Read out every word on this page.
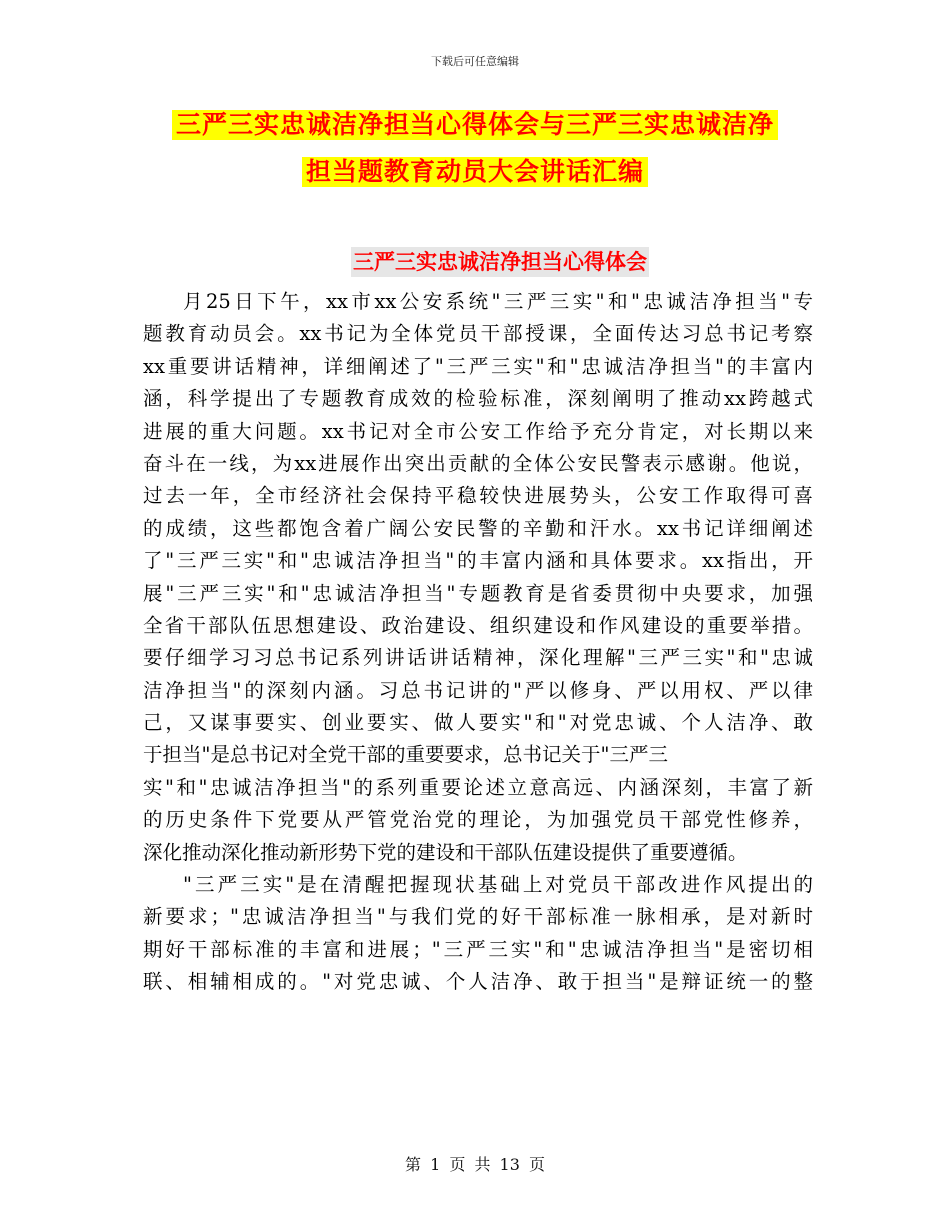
下载后可任意编辑
三严三实忠诚洁净担当心得体会与三严三实忠诚洁净
担当题教育动员大会讲话汇编
三严三实忠诚洁净担当心得体会
月25日下午，xx市xx公安系统"三严三实"和"忠诚洁净担当"专
题教育动员会。xx书记为全体党员干部授课，全面传达习总书记考察
xx重要讲话精神，详细阐述了"三严三实"和"忠诚洁净担当"的丰富内
涵，科学提出了专题教育成效的检验标准，深刻阐明了推动xx跨越式
进展的重大问题。xx书记对全市公安工作给予充分肯定，对长期以来
奋斗在一线，为xx进展作出突出贡献的全体公安民警表示感谢。他说，
过去一年，全市经济社会保持平稳较快进展势头，公安工作取得可喜
的成绩，这些都饱含着广阔公安民警的辛勤和汗水。xx书记详细阐述
了"三严三实"和"忠诚洁净担当"的丰富内涵和具体要求。xx指出，开
展"三严三实"和"忠诚洁净担当"专题教育是省委贯彻中央要求，加强
全省干部队伍思想建设、政治建设、组织建设和作风建设的重要举措。
要仔细学习习总书记系列讲话讲话精神，深化理解"三严三实"和"忠诚
洁净担当"的深刻内涵。习总书记讲的"严以修身、严以用权、严以律
己，又谋事要实、创业要实、做人要实"和"对党忠诚、个人洁净、敢
于担当"是总书记对全党干部的重要要求，总书记关于"三严三
实"和"忠诚洁净担当"的系列重要论述立意高远、内涵深刻，丰富了新
的历史条件下党要从严管党治党的理论，为加强党员干部党性修养，
深化推动深化推动新形势下党的建设和干部队伍建设提供了重要遵循。
"三严三实"是在清醒把握现状基础上对党员干部改进作风提出的
新要求；"忠诚洁净担当"与我们党的好干部标准一脉相承，是对新时
期好干部标准的丰富和进展；"三严三实"和"忠诚洁净担当"是密切相
联、相辅相成的。"对党忠诚、个人洁净、敢于担当"是辩证统一的整
第 1 页 共 13 页
